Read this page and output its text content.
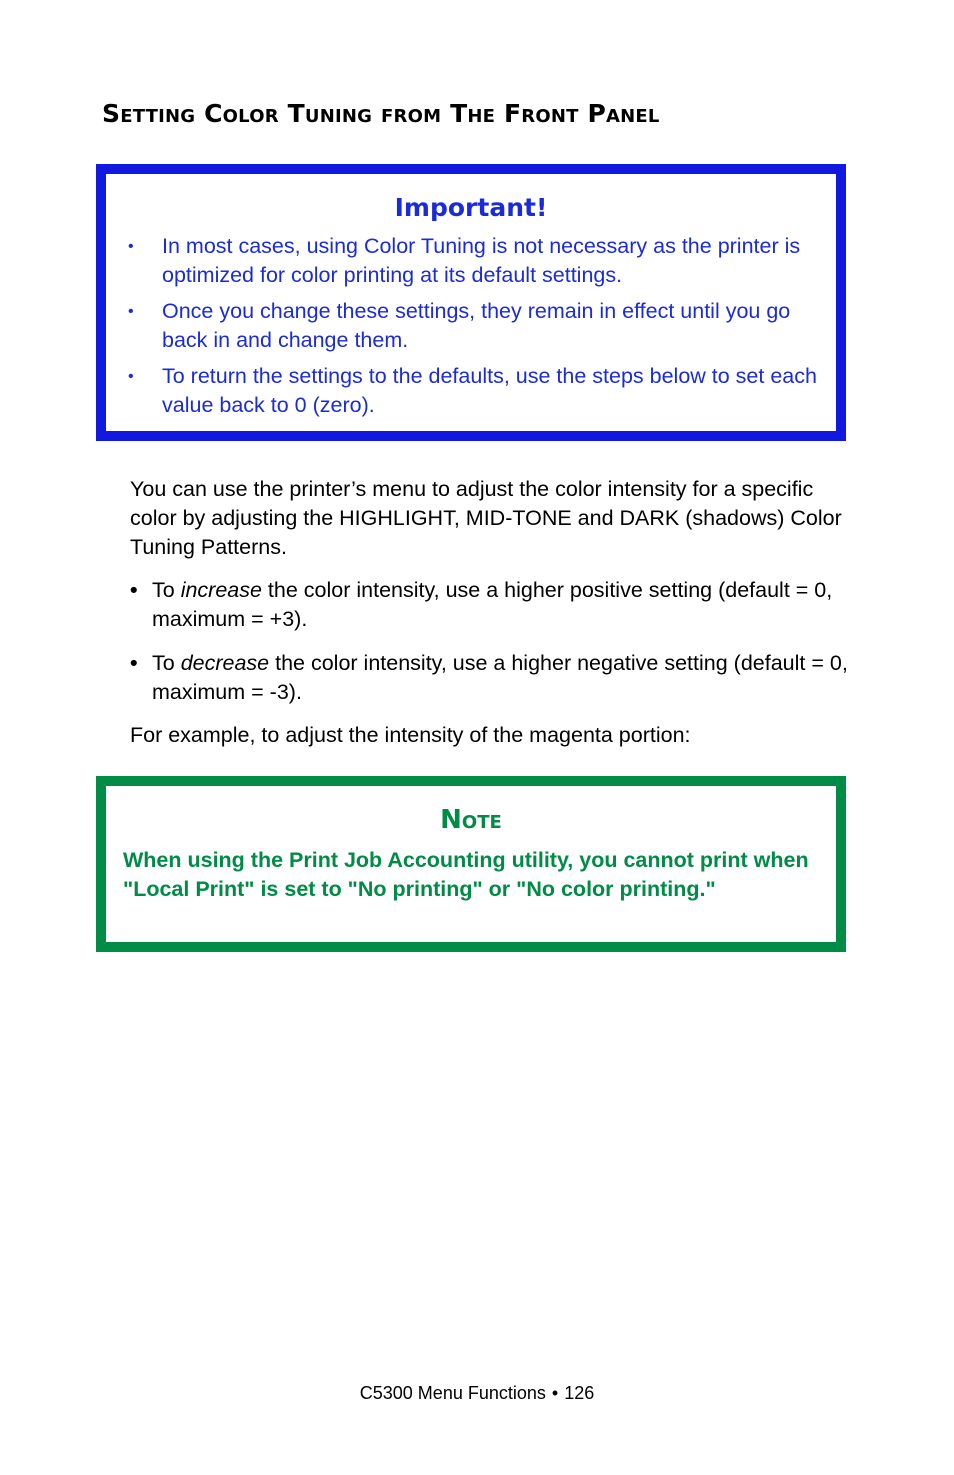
Setting Color Tuning from The Front Panel
Important!
• In most cases, using Color Tuning is not necessary as the printer is optimized for color printing at its default settings.
• Once you change these settings, they remain in effect until you go back in and change them.
• To return the settings to the defaults, use the steps below to set each value back to 0 (zero).

You can use the printer’s menu to adjust the color intensity for a specific color by adjusting the HIGHLIGHT, MID-TONE and DARK (shadows) Color Tuning Patterns.

• To increase the color intensity, use a higher positive setting (default = 0, maximum = +3).
• To decrease the color intensity, use a higher negative setting (default = 0, maximum = -3).

For example, to adjust the intensity of the magenta portion:

Note

When using the Print Job Accounting utility, you cannot print when "Local Print" is set to "No printing" or "No color printing."

C5300 Menu Functions • 126
